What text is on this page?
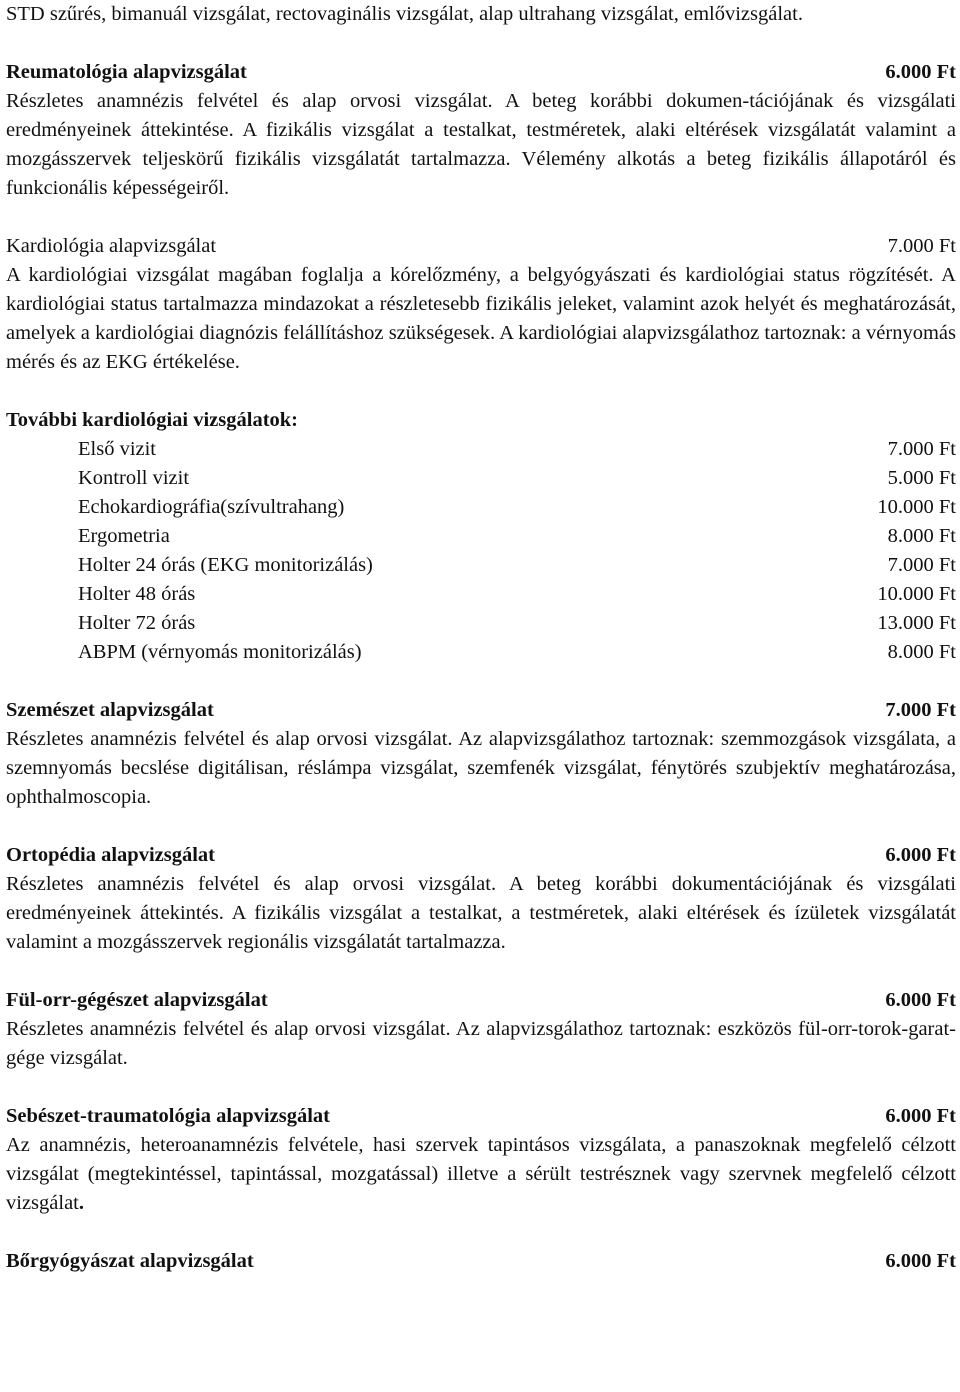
STD szűrés, bimanuál vizsgálat, rectovaginális vizsgálat, alap ultrahang vizsgálat, emlővizsgálat.

Reumatológia alapvizsgálat	6.000 Ft

Részletes anamnézis felvétel és alap orvosi vizsgálat. A beteg korábbi dokumen-tációjának és vizsgálati eredményeinek áttekintése. A fizikális vizsgálat a testalkat, testméretek, alaki eltérések vizsgálatát valamint a mozgásszervek teljeskörű fizikális vizsgálatát tartalmazza. Vélemény alkotás a beteg fizikális állapotáról és funkcionális képességeiről.

Kardiológia alapvizsgálat	7.000 Ft

A kardiológiai vizsgálat magában foglalja a kórelőzmény, a belgyógyászati és kardiológiai status rögzítését. A kardiológiai status tartalmazza mindazokat a részletesebb fizikális jeleket, valamint azok helyét és meghatározását, amelyek a kardiológiai diagnózis felállításhoz szükségesek. A kardiológiai alapvizsgálathoz tartoznak: a vérnyomás mérés és az EKG értékelése.

További kardiológiai vizsgálatok:

Első vizit	7.000 Ft
Kontroll vizit	5.000 Ft
Echokardiográfia(szívultrahang)	10.000 Ft
Ergometria	8.000 Ft
Holter 24 órás (EKG monitorizálás)	7.000 Ft
Holter 48 órás	10.000 Ft
Holter 72 órás	13.000 Ft
ABPM (vérnyomás monitorizálás)	8.000 Ft
Szemészet alapvizsgálat	7.000 Ft

Részletes anamnézis felvétel és alap orvosi vizsgálat. Az alapvizsgálathoz tartoznak: szemmozgások vizsgálata, a szemnyomás becslése digitálisan, réslámpa vizsgálat, szemfenék vizsgálat, fénytörés szubjektív meghatározása, ophthalmoscopia.

Ortopédia alapvizsgálat	6.000 Ft

Részletes anamnézis felvétel és alap orvosi vizsgálat. A beteg korábbi dokumentációjának és vizsgálati eredményeinek áttekintés. A fizikális vizsgálat a testalkat, a testméretek, alaki eltérések és ízületek vizsgálatát valamint a mozgásszervek regionális vizsgálatát tartalmazza.

Fül-orr-gégészet alapvizsgálat	6.000 Ft

Részletes anamnézis felvétel és alap orvosi vizsgálat. Az alapvizsgálathoz tartoznak: eszközös fül-orr-torok-garat-gége vizsgálat.

Sebészet-traumatológia alapvizsgálat	6.000 Ft

Az anamnézis, heteroanamnézis felvétele, hasi szervek tapintásos vizsgálata, a panaszoknak megfelelő célzott vizsgálat (megtekintéssel, tapintással, mozgatással) illetve a sérült testrésznek vagy szervnek megfelelő célzott vizsgálat.

Bőrgyógyászat alapvizsgálat	6.000 Ft
